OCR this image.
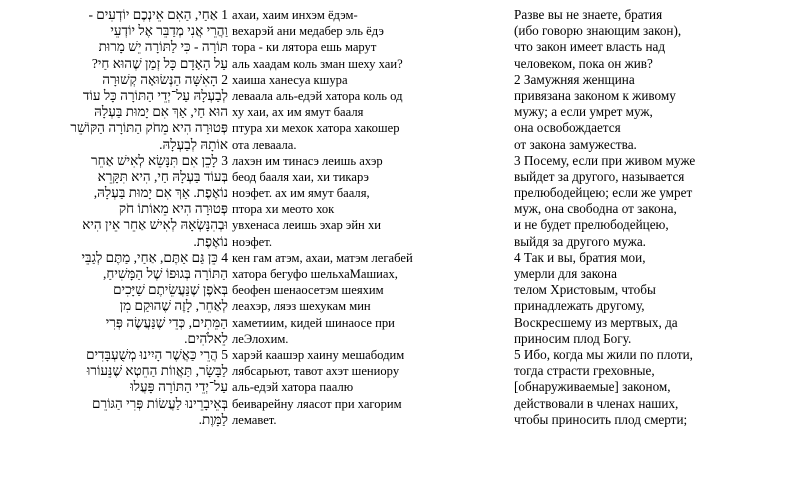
1 אַחַי, הַאִם אֵינְכֶם יוֹדְעִים -
וַהֲרֵי אֲנִי מְדַבֵּר אֶל יוֹדְעֵי
תּוֹרָה - כִּי לַתּוֹרָה יֵשׁ מָרוּת
עַל הָאָדָם כָּל זְמַן שֶׁהוּא חַי?
2 הָאִשָּׁה הַנְּשׂוּאָה קְשׁוּרָה
לְבַעְלָהּ עַל־יְדֵי הַתּוֹרָה כָּל עוֹד
הוּא חַי, אַךְ אִם יָמוּת בַּעְלָהּ
פְּטוּרָה הִיא מֵחֹק הַתּוֹרָה הַקּוֹשֵׁר
אוֹתָהּ לְבַעְלָהּ.
3 לָכֵן אִם תִּנָּשֵׂא לְאִישׁ אַחֵר
בְּעוֹד בַּעְלָהּ חַי, הִיא תִּקָּרֵא
נוֹאֶפֶת. אַךְ אִם יָמוּת בַּעְלָהּ,
פְּטוּרָה הִיא מֵאוֹתוֹ חֹק
וּבְהִנָּשְׂאָהּ לְאִישׁ אַחֵר אֵין הִיא
נוֹאֶפֶת.
4 כֵּן גַּם אַתֶּם, אַחַי, מַתֶּם לְגַבֵּי
הַתּוֹרָה בְּגוּפוֹ שֶׁל הַמָּשִׁיחַ,
בְּאֹפֶן שֶׁנַּעֲשֵׂיתֶם שַׁיָּכִים
לְאַחֵר, לָזֶה שֶׁהוּקַם מִן
הַמֵּתִים, כְּדֵי שֶׁנַּעֲשֶׂה פְּרִי
לֵאלֹהִים.
5 הֲרֵי כַּאֲשֶׁר הָיִינוּ מְשֻׁעְבָּדִים
לַבָּשָׂר, תַּאֲווֹת הַחֵטְא שֶׁנֵּעוֹרוּ
עַל־יְדֵי הַתּוֹרָה פָּעֲלוּ
בְּאֵיבָרֵינוּ לַעֲשׂוֹת פְּרִי הַגּוֹרֵם
לַמָּוֶת.
ахаи, хаим инхэм ёдэм-
вехарэй ани медабер эль ёдэ
тора - ки лятора ешь марут
аль хаадам коль зман шеху хаи?
хаиша ханесуа кшура
леваала аль-едэй хатора коль од
ху хаи, ах им ямут бааля
птура хи мехок хатора хакошер
ота леваала.
лахэн им тинасэ леишь ахэр
беод бааля хаи, хи тикарэ
ноэфет. ах им ямут бааля,
птора хи меото хок
увхенаса леишь эхар эйн хи
ноэфет.
кен гам атэм, ахаи, матэм легабей
хатора бегуфо шельхаМашиах,
беофен шенаосетэм шеяхим
леахэр, ляэз шехукам мин
хаметиим, кидей шинаосе при
леЭлохим.
харэй каашэр хаину мешабодим
лябсарьют, тавот ахэт шениору
аль-едэй хатора паалю
беиварейну ляасот при хагорим
лемавет.
Разве вы не знаете, братия
(ибо говорю знающим закон),
что закон имеет власть над
человеком, пока он жив?
2 Замужняя женщина
привязана законом к живому
мужу; а если умрет муж,
она освобождается
от закона замужества.
3 Посему, если при живом муже
выйдет за другого, называется
прелюбодейцею; если же умрет
муж, она свободна от закона,
и не будет прелюбодейцею,
выйдя за другого мужа.
4 Так и вы, братия мои,
умерли для закона
телом Христовым, чтобы
принадлежать другому,
Воскресшему из мертвых, да
приносим плод Богу.
5 Ибо, когда мы жили по плоти,
тогда страсти греховные,
[обнаруживаемые] законом,
действовали в членах наших,
чтобы приносить плод смерти;
